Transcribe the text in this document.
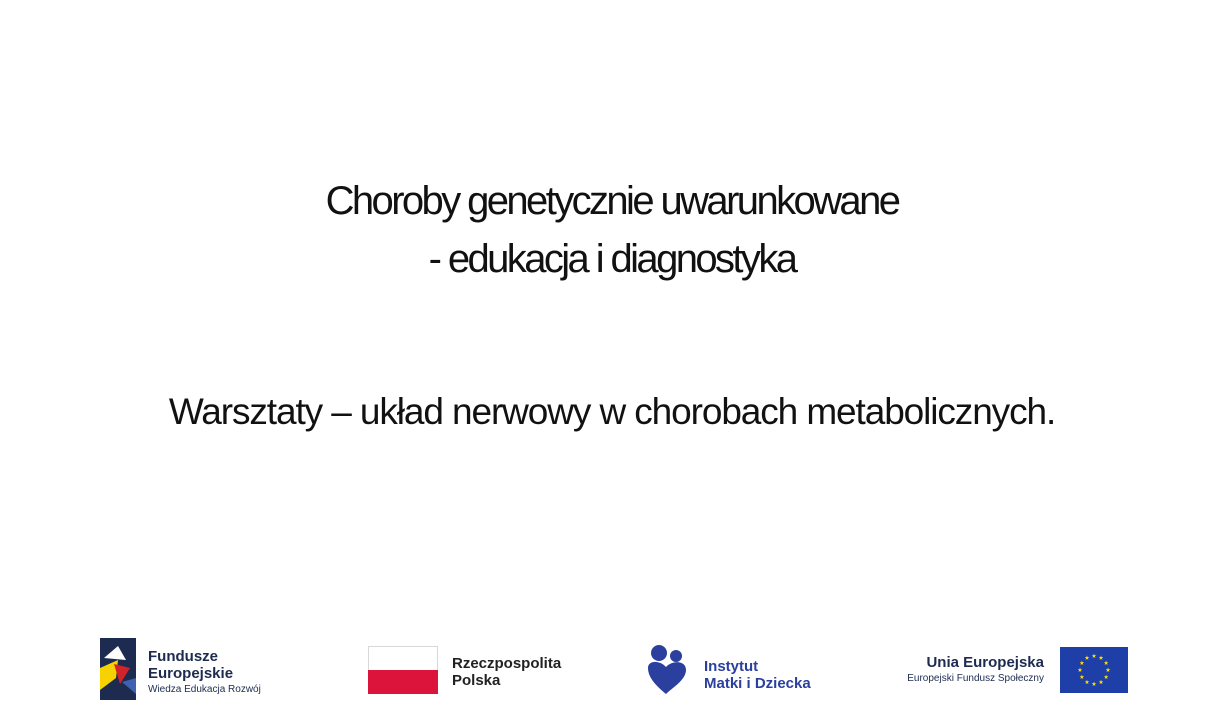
Choroby genetycznie uwarunkowane
- edukacja i diagnostyka

Warsztaty – układ nerwowy w chorobach metabolicznych.

Fundusze
Europejskie
Wiedza Edukacja Rozwój
Rzeczpospolita
Polska
Instytut
Matki i Dziecka
Unia Europejska
Europejski Fundusz Społeczny
